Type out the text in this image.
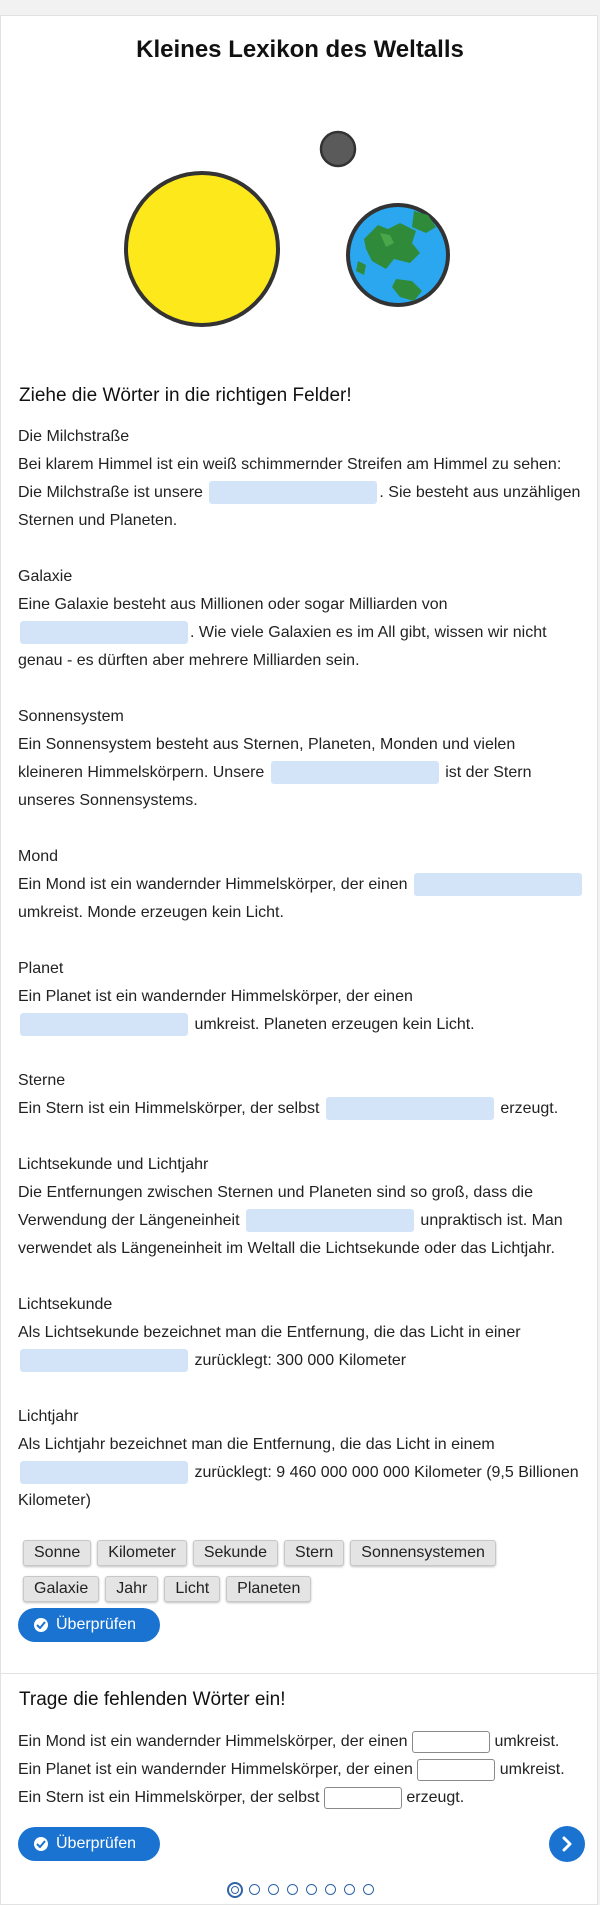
Kleines Lexikon des Weltalls
Ziehe die Wörter in die richtigen Felder!

Die Milchstraße
Bei klarem Himmel ist ein weiß schimmernder Streifen am Himmel zu sehen: Die Milchstraße ist unsere	. Sie besteht aus unzähligen Sternen und Planeten.

Galaxie
Eine Galaxie besteht aus Millionen oder sogar Milliarden von . Wie viele Galaxien es im All gibt, wissen wir nicht genau - es dürften aber mehrere Milliarden sein.

Sonnensystem
Ein Sonnensystem besteht aus Sternen, Planeten, Monden und vielen kleineren Himmelskörpern. Unsere	ist der Stern unseres Sonnensystems.

Mond
Ein Mond ist ein wandernder Himmelskörper, der einen  umkreist. Monde erzeugen kein Licht.

Planet
Ein Planet ist ein wandernder Himmelskörper, der einen  umkreist. Planeten erzeugen kein Licht.

Sterne
Ein Stern ist ein Himmelskörper, der selbst	erzeugt.

Lichtsekunde und Lichtjahr
Die Entfernungen zwischen Sternen und Planeten sind so groß, dass die Verwendung der Längeneinheit	unpraktisch ist. Man verwendet als Längeneinheit im Weltall die Lichtsekunde oder das Lichtjahr.

Lichtsekunde
Als Lichtsekunde bezeichnet man die Entfernung, die das Licht in einer  zurücklegt: 300 000 Kilometer

Lichtjahr
Als Lichtjahr bezeichnet man die Entfernung, die das Licht in einem  zurücklegt: 9 460 000 000 000 Kilometer (9,5 Billionen Kilometer)

Sonne Kilometer Sekunde Stern SonnensystemenGalaxie Jahr Licht Planeten
Überprüfen
Trage die fehlenden Wörter ein!
Ein Mond ist ein wandernder Himmelskörper, der einen	umkreist.
Ein Planet ist ein wandernder Himmelskörper, der einen	umkreist.
Ein Stern ist ein Himmelskörper, der selbst	erzeugt.
Überprüfen
